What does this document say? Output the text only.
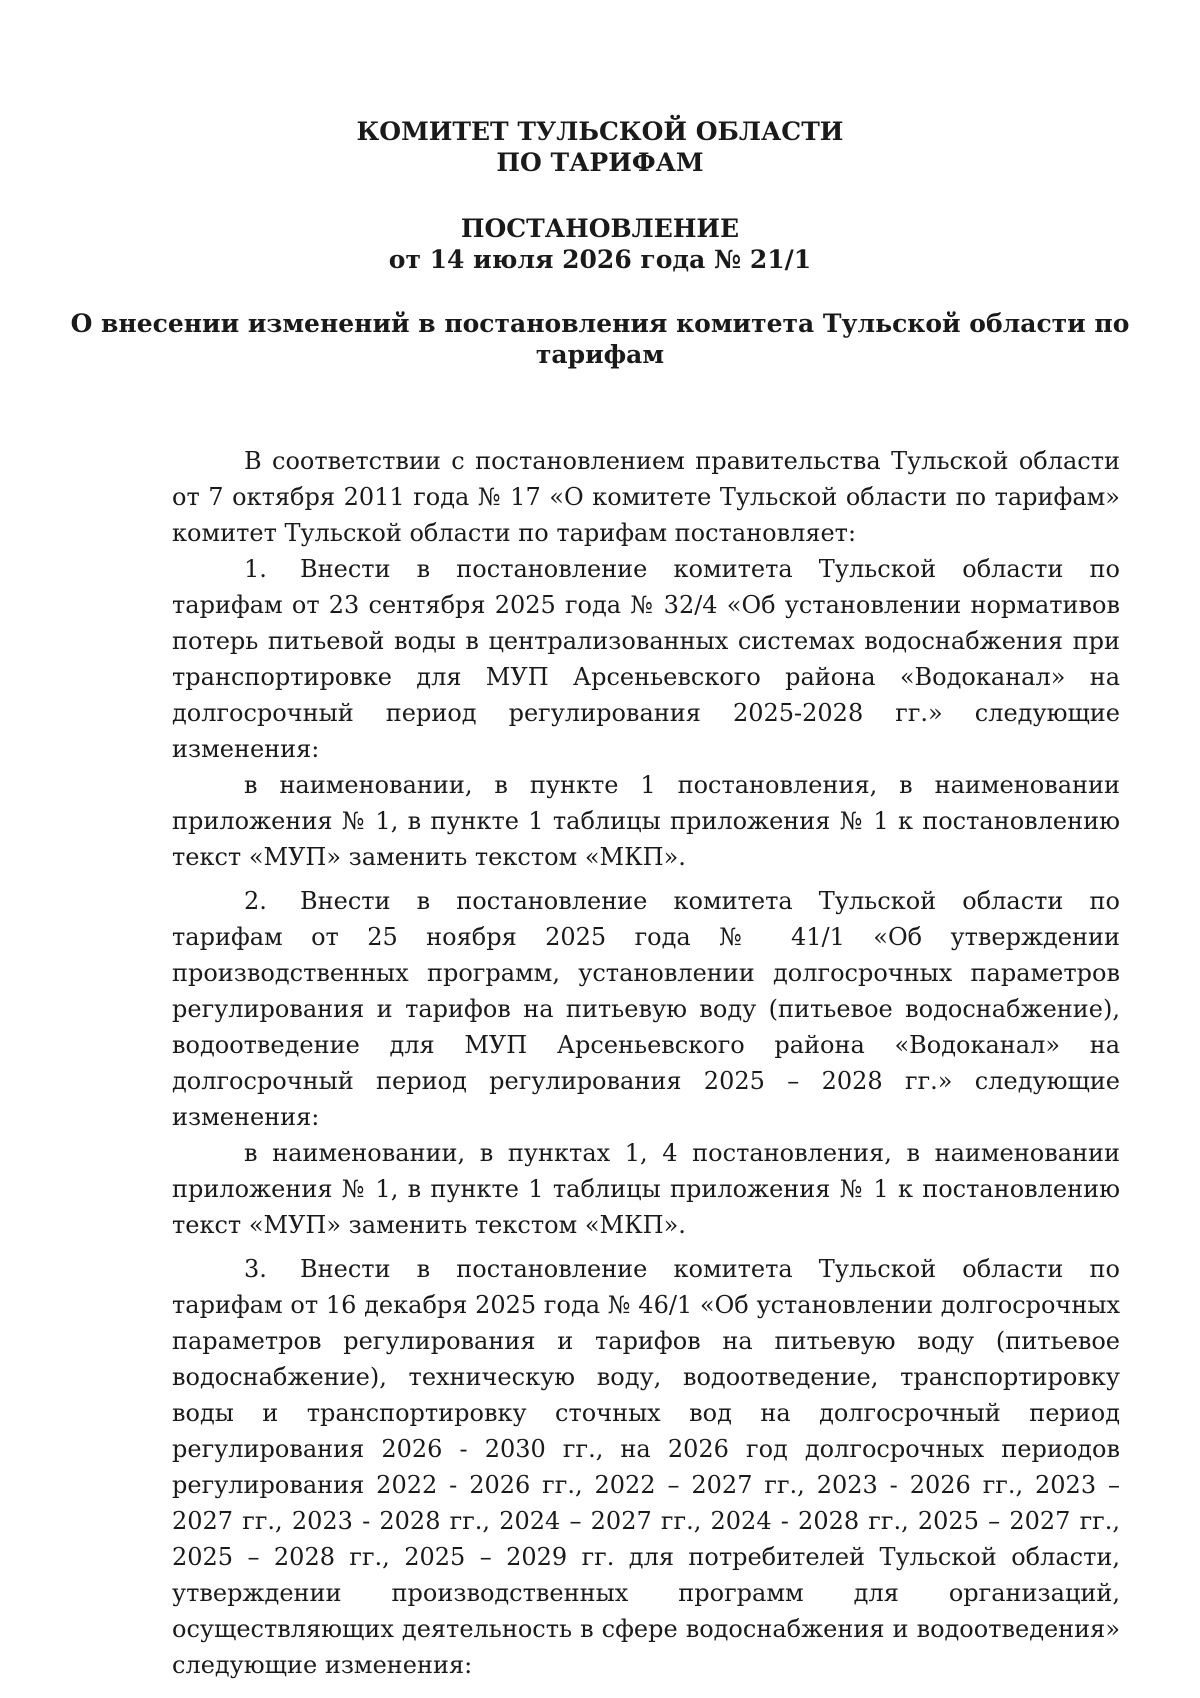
КОМИТЕТ ТУЛЬСКОЙ ОБЛАСТИ
ПО ТАРИФАМ
ПОСТАНОВЛЕНИЕ
от 14 июля 2026 года № 21/1
О внесении изменений в постановления комитета Тульской области по
тарифам

В соответствии с постановлением правительства Тульской области от 7 октября 2011 года № 17 «О комитете Тульской области по тарифам» комитет Тульской области по тарифам постановляет:

1. Внести в постановление комитета Тульской области по тарифам от 23 сентября 2025 года № 32/4 «Об установлении нормативов потерь питьевой воды в централизованных системах водоснабжения при транспортировке для МУП Арсеньевского района «Водоканал» на долгосрочный период регулирования 2025-2028 гг.» следующие изменения:

в наименовании, в пункте 1 постановления, в наименовании приложения № 1, в пункте 1 таблицы приложения № 1 к постановлению текст «МУП» заменить текстом «МКП».

2. Внести в постановление комитета Тульской области по тарифам от 25 ноября 2025 года № 41/1 «Об утверждении производственных программ, установлении долгосрочных параметров регулирования и тарифов на питьевую воду (питьевое водоснабжение), водоотведение для МУП Арсеньевского района «Водоканал» на долгосрочный период регулирования 2025 – 2028 гг.» следующие изменения:

в наименовании, в пунктах 1, 4 постановления, в наименовании приложения № 1, в пункте 1 таблицы приложения № 1 к постановлению текст «МУП» заменить текстом «МКП».

3. Внести в постановление комитета Тульской области по тарифам от 16 декабря 2025 года № 46/1 «Об установлении долгосрочных параметров регулирования и тарифов на питьевую воду (питьевое водоснабжение), техническую воду, водоотведение, транспортировку воды и транспортировку сточных вод на долгосрочный период регулирования 2026 - 2030 гг., на 2026 год долгосрочных периодов регулирования 2022 - 2026 гг., 2022 – 2027 гг., 2023 - 2026 гг., 2023 – 2027 гг., 2023 - 2028 гг., 2024 – 2027 гг., 2024 - 2028 гг., 2025 – 2027 гг., 2025 – 2028 гг., 2025 – 2029 гг. для потребителей Тульской области, утверждении производственных программ для организаций, осуществляющих деятельность в сфере водоснабжения и водоотведения» следующие изменения:
